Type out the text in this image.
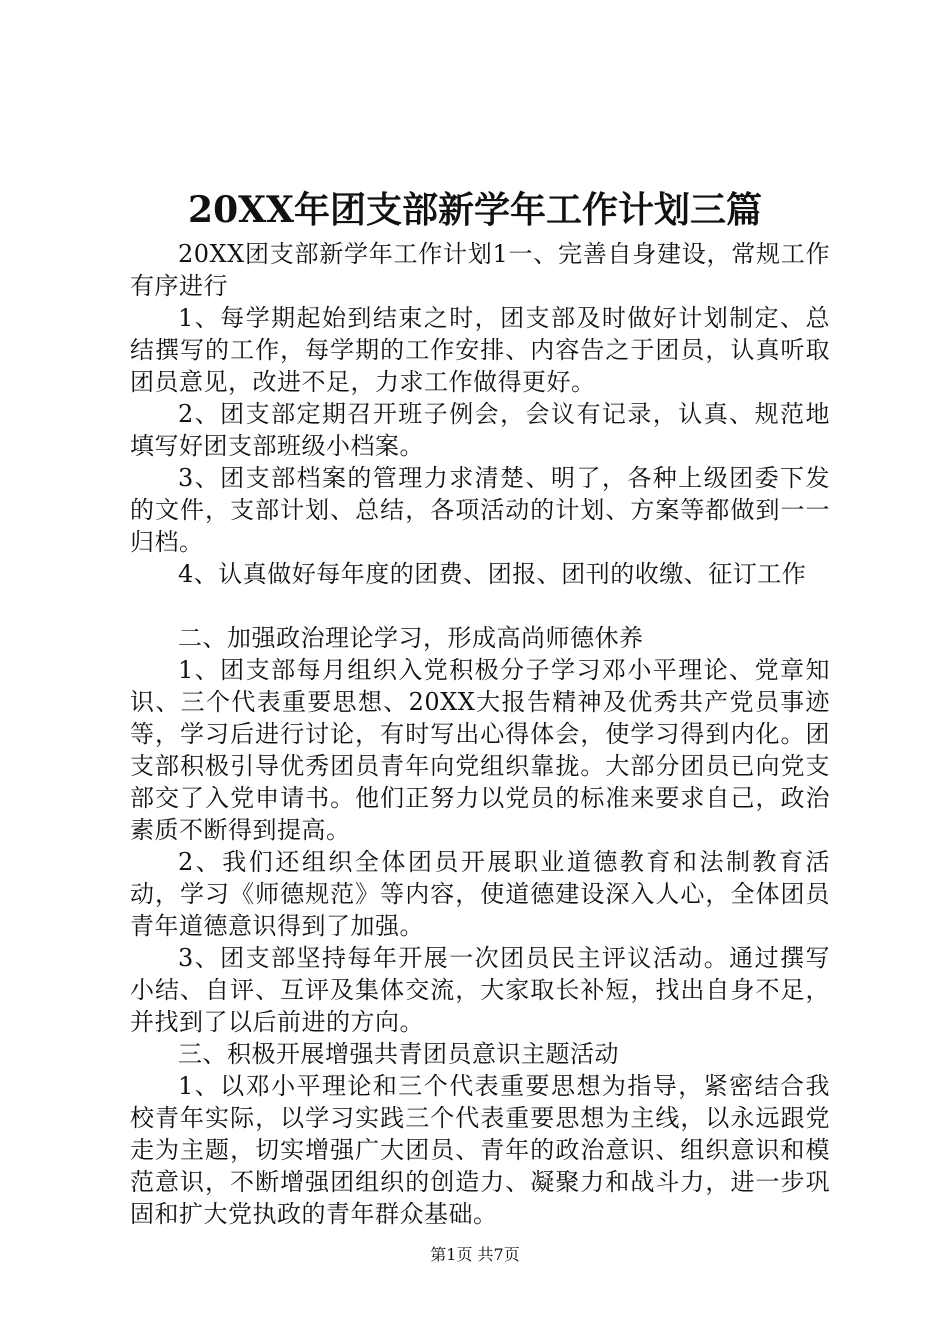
20XX年团支部新学年工作计划三篇

20XX团支部新学年工作计划1一、完善自身建设，常规工作有序进行

1、每学期起始到结束之时，团支部及时做好计划制定、总结撰写的工作，每学期的工作安排、内容告之于团员，认真听取团员意见，改进不足，力求工作做得更好。

2、团支部定期召开班子例会，会议有记录，认真、规范地填写好团支部班级小档案。

3、团支部档案的管理力求清楚、明了，各种上级团委下发的文件，支部计划、总结，各项活动的计划、方案等都做到一一归档。

4、认真做好每年度的团费、团报、团刊的收缴、征订工作

二、加强政治理论学习，形成高尚师德休养

1、团支部每月组织入党积极分子学习邓小平理论、党章知识、三个代表重要思想、20XX大报告精神及优秀共产党员事迹等，学习后进行讨论，有时写出心得体会，使学习得到内化。团支部积极引导优秀团员青年向党组织靠拢。大部分团员已向党支部交了入党申请书。他们正努力以党员的标准来要求自己，政治素质不断得到提高。

2、我们还组织全体团员开展职业道德教育和法制教育活动，学习《师德规范》等内容，使道德建设深入人心，全体团员青年道德意识得到了加强。

3、团支部坚持每年开展一次团员民主评议活动。通过撰写小结、自评、互评及集体交流，大家取长补短，找出自身不足，并找到了以后前进的方向。

三、积极开展增强共青团员意识主题活动

1、以邓小平理论和三个代表重要思想为指导，紧密结合我校青年实际，以学习实践三个代表重要思想为主线，以永远跟党走为主题，切实增强广大团员、青年的政治意识、组织意识和模范意识，不断增强团组织的创造力、凝聚力和战斗力，进一步巩固和扩大党执政的青年群众基础。

第1页 共7页
